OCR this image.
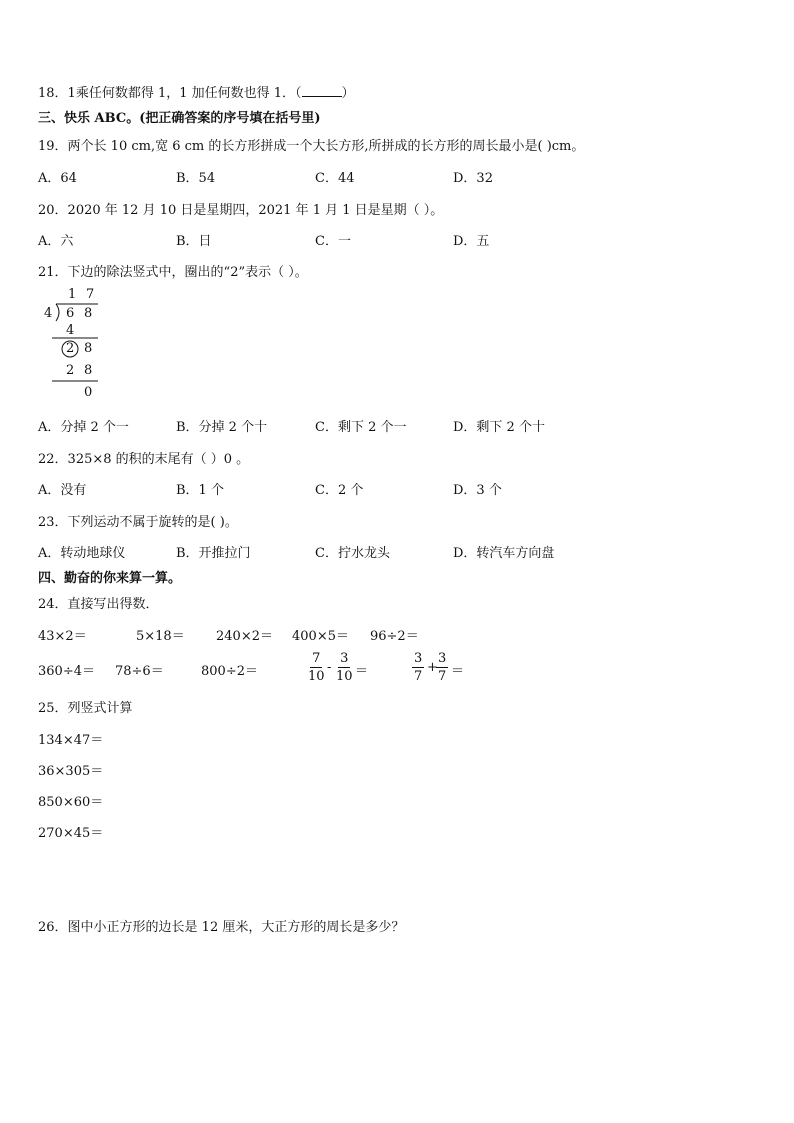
18．1乘任何数都得 1，1 加任何数也得 1．（	）
三、快乐 ABC。(把正确答案的序号填在括号里)
19．两个长 10 cm,宽 6 cm 的长方形拼成一个大长方形,所拼成的长方形的周长最小是( )cm。
A．64	B．54	C．44	D．32
20．2020 年 12 月 10 日是星期四，2021 年 1 月 1 日是星期（ ）。
A．六	B．日	C．一	D．五
21．下边的除法竖式中，圈出的“2”表示（ ）。
1 7
4 6 8
4
2 8
2 8
0
A．分掉 2 个一	B．分掉 2 个十	C．剩下 2 个一	D．剩下 2 个十
22．325×8 的积的末尾有（ ）0 。
A．没有	B．1 个	C．2 个	D．3 个
23．下列运动不属于旋转的是( )。
A．转动地球仪	B．开推拉门	C．拧水龙头	D．转汽车方向盘
四、勤奋的你来算一算。
24．直接写出得数．
43×2＝	5×18＝ 240×2＝ 400×5＝ 96÷2＝
360÷4＝ 78÷6＝	800÷2＝	$\frac{7}{10} - \frac{3}{10}$ ＝	$\frac{3}{7}$ +
$\frac{3}{7}$ ＝
25．列竖式计算
134×47＝
36×305＝
850×60＝
270×45＝
26．图中小正方形的边长是 12 厘米，大正方形的周长是多少？
